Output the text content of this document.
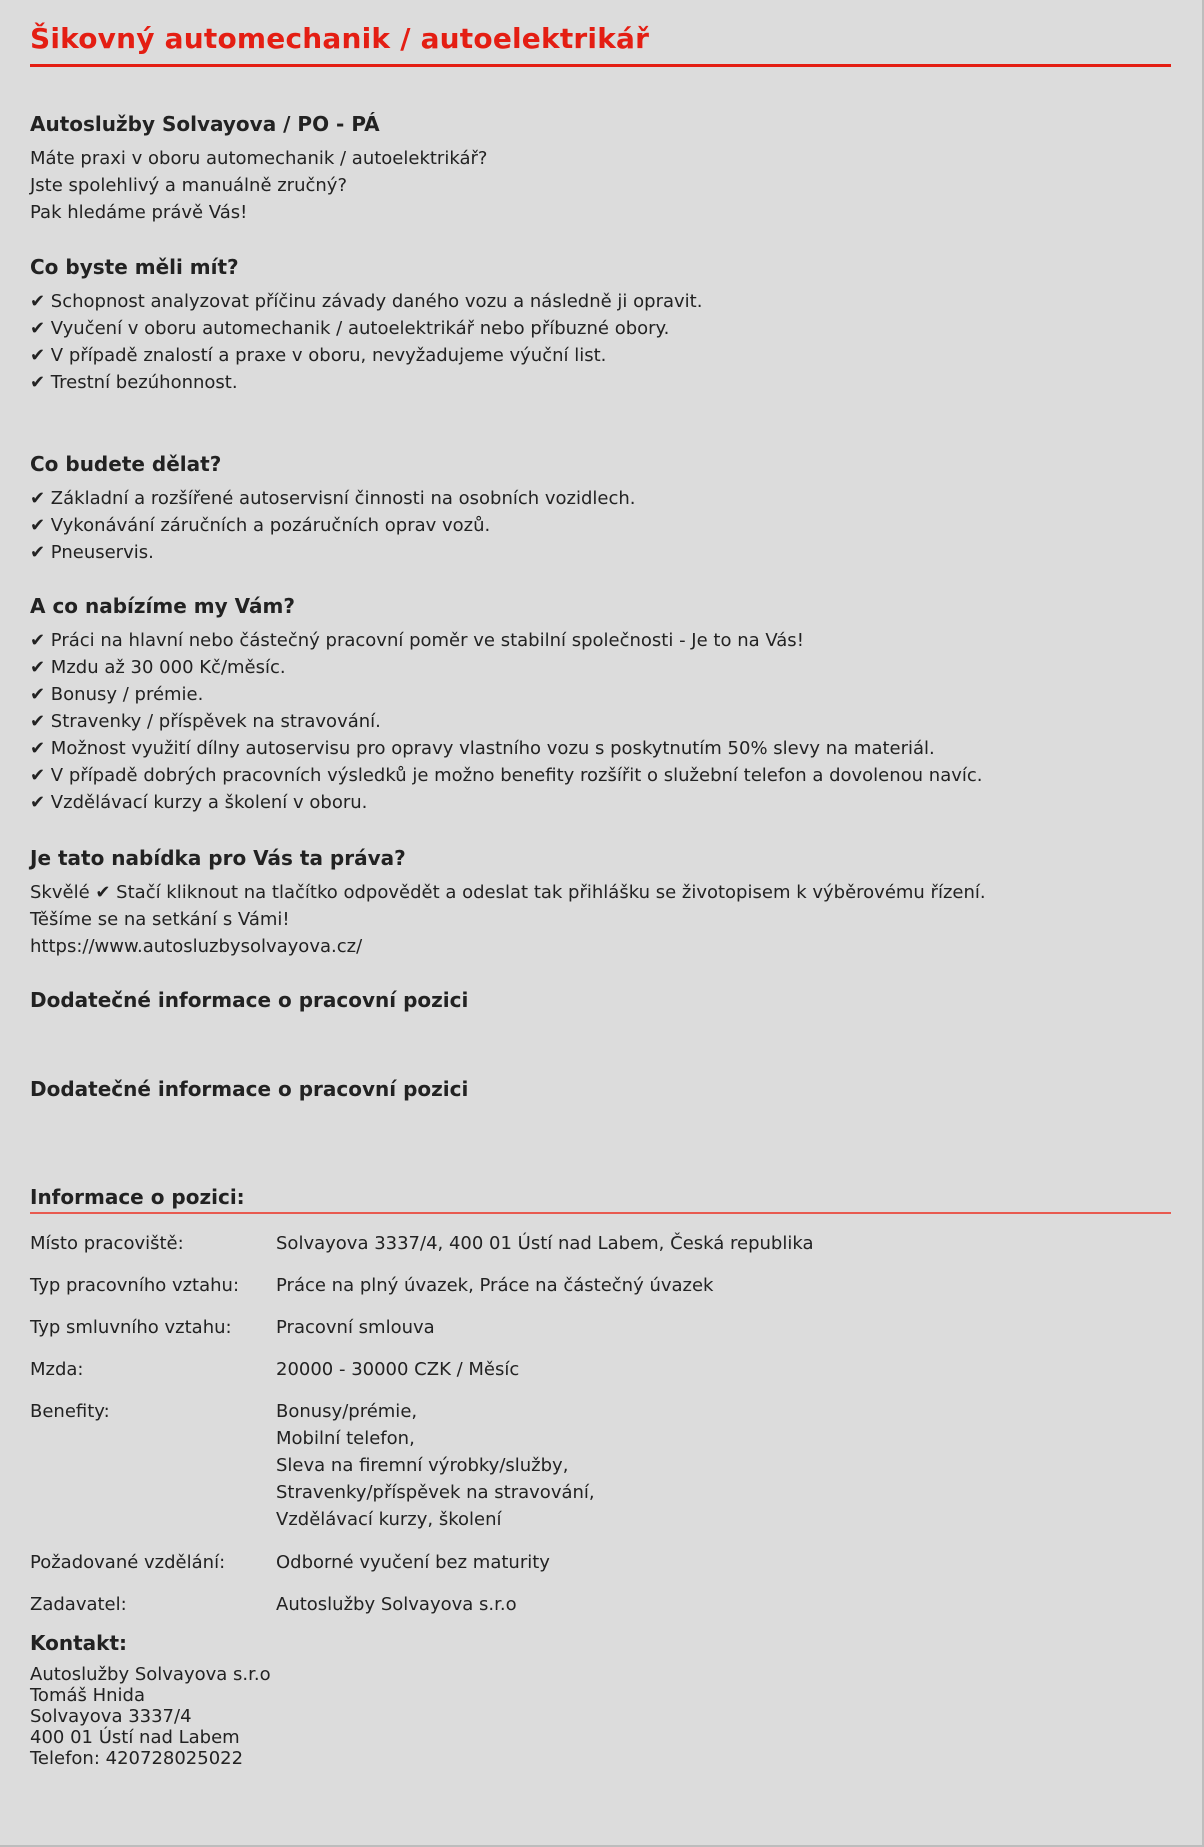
Šikovný automechanik / autoelektrikář

Autoslužby Solvayova / PO - PÁ

Máte praxi v oboru automechanik / autoelektrikář?

Jste spolehlivý a manuálně zručný?

Pak hledáme právě Vás!

Co byste měli mít?

✔ Schopnost analyzovat příčinu závady daného vozu a následně ji opravit.

✔ Vyučení v oboru automechanik / autoelektrikář nebo příbuzné obory.

✔ V případě znalostí a praxe v oboru, nevyžadujeme výuční list.

✔ Trestní bezúhonnost.

Co budete dělat?

✔ Základní a rozšířené autoservisní činnosti na osobních vozidlech.

✔ Vykonávání záručních a pozáručních oprav vozů.

✔ Pneuservis.

A co nabízíme my Vám?

✔ Práci na hlavní nebo částečný pracovní poměr ve stabilní společnosti - Je to na Vás!

✔ Mzdu až 30 000 Kč/měsíc.

✔ Bonusy / prémie.

✔ Stravenky / příspěvek na stravování.

✔ Možnost využití dílny autoservisu pro opravy vlastního vozu s poskytnutím 50% slevy na materiál.

✔ V případě dobrých pracovních výsledků je možno benefity rozšířit o služební telefon a dovolenou navíc.

✔ Vzdělávací kurzy a školení v oboru.

Je tato nabídka pro Vás ta práva?

Skvělé ✔ Stačí kliknout na tlačítko odpovědět a odeslat tak přihlášku se životopisem k výběrovému řízení.

Těšíme se na setkání s Vámi!

https://www.autosluzbysolvayova.cz/

Dodatečné informace o pracovní pozici

Dodatečné informace o pracovní pozici

Informace o pozici:

Místo pracoviště:	Solvayova 3337/4, 400 01 Ústí nad Labem, Česká republika
Typ pracovního vztahu:	Práce na plný úvazek, Práce na částečný úvazek
Typ smluvního vztahu:	Pracovní smlouva
Mzda:	20000 - 30000 CZK / Měsíc
Benefity:	Bonusy/prémie,
Mobilní telefon,
Sleva na firemní výrobky/služby,
Stravenky/příspěvek na stravování,
Vzdělávací kurzy, školení
Požadované vzdělání:	Odborné vyučení bez maturity
Zadavatel:	Autoslužby Solvayova s.r.o

Kontakt:

Autoslužby Solvayova s.r.o

Tomáš Hnida

Solvayova 3337/4

400 01 Ústí nad Labem

Telefon: 420728025022
